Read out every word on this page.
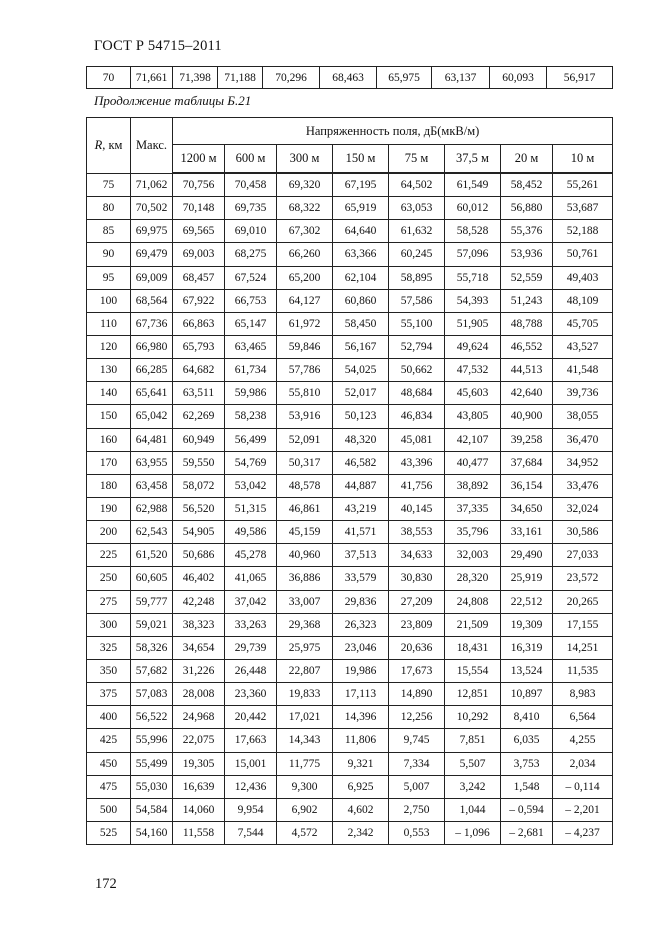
ГОСТ Р 54715–2011
70	71,661	71,398	71,188	70,296	68,463	65,975	63,137	60,093	56,917
Продолжение таблицы Б.21
R, км	Макс.	Напряженность поля, дБ(мкВ/м)							
		1200 м	600 м	300 м	150 м	75 м	37,5 м	20 м	10 м
75	71,062	70,756	70,458	69,320	67,195	64,502	61,549	58,452	55,261
80	70,502	70,148	69,735	68,322	65,919	63,053	60,012	56,880	53,687
85	69,975	69,565	69,010	67,302	64,640	61,632	58,528	55,376	52,188
90	69,479	69,003	68,275	66,260	63,366	60,245	57,096	53,936	50,761
95	69,009	68,457	67,524	65,200	62,104	58,895	55,718	52,559	49,403
100	68,564	67,922	66,753	64,127	60,860	57,586	54,393	51,243	48,109
110	67,736	66,863	65,147	61,972	58,450	55,100	51,905	48,788	45,705
120	66,980	65,793	63,465	59,846	56,167	52,794	49,624	46,552	43,527
130	66,285	64,682	61,734	57,786	54,025	50,662	47,532	44,513	41,548
140	65,641	63,511	59,986	55,810	52,017	48,684	45,603	42,640	39,736
150	65,042	62,269	58,238	53,916	50,123	46,834	43,805	40,900	38,055
160	64,481	60,949	56,499	52,091	48,320	45,081	42,107	39,258	36,470
170	63,955	59,550	54,769	50,317	46,582	43,396	40,477	37,684	34,952
180	63,458	58,072	53,042	48,578	44,887	41,756	38,892	36,154	33,476
190	62,988	56,520	51,315	46,861	43,219	40,145	37,335	34,650	32,024
200	62,543	54,905	49,586	45,159	41,571	38,553	35,796	33,161	30,586
225	61,520	50,686	45,278	40,960	37,513	34,633	32,003	29,490	27,033
250	60,605	46,402	41,065	36,886	33,579	30,830	28,320	25,919	23,572
275	59,777	42,248	37,042	33,007	29,836	27,209	24,808	22,512	20,265
300	59,021	38,323	33,263	29,368	26,323	23,809	21,509	19,309	17,155
325	58,326	34,654	29,739	25,975	23,046	20,636	18,431	16,319	14,251
350	57,682	31,226	26,448	22,807	19,986	17,673	15,554	13,524	11,535
375	57,083	28,008	23,360	19,833	17,113	14,890	12,851	10,897	8,983
400	56,522	24,968	20,442	17,021	14,396	12,256	10,292	8,410	6,564
425	55,996	22,075	17,663	14,343	11,806	9,745	7,851	6,035	4,255
450	55,499	19,305	15,001	11,775	9,321	7,334	5,507	3,753	2,034
475	55,030	16,639	12,436	9,300	6,925	5,007	3,242	1,548	– 0,114
500	54,584	14,060	9,954	6,902	4,602	2,750	1,044	– 0,594	– 2,201
525	54,160	11,558	7,544	4,572	2,342	0,553	– 1,096	– 2,681	– 4,237
172
